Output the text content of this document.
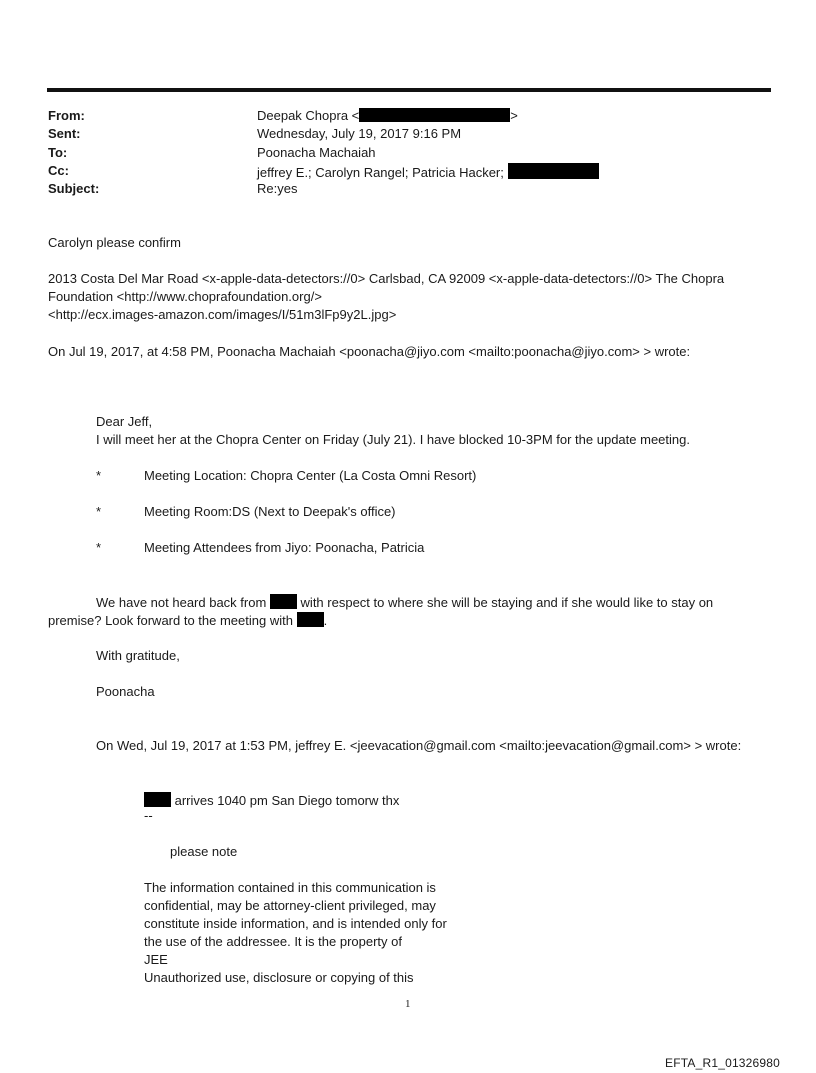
From:	Deepak Chopra <	>
Sent:	Wednesday, July 19, 2017 9:16 PM
To:	Poonacha Machaiah
Cc:	jeffrey E.; Carolyn Rangel; Patricia Hacker;
Subject:	Re:yes
Carolyn please confirm
2013 Costa Del Mar Road <x-apple-data-detectors://0> Carlsbad, CA 92009 <x-apple-data-detectors://0> The Chopra
Foundation <http://www.choprafoundation.org/>
<http://ecx.images-amazon.com/images/I/51m3lFp9y2L.jpg>
On Jul 19, 2017, at 4:58 PM, Poonacha Machaiah <poonacha@jiyo.com <mailto:poonacha@jiyo.com> > wrote:
Dear Jeff,
I will meet her at the Chopra Center on Friday (July 21). I have blocked 10-3PM for the update meeting.
*	Meeting Location: Chopra Center (La Costa Omni Resort)
*	Meeting Room:DS (Next to Deepak's office)
*	Meeting Attendees from Jiyo: Poonacha, Patricia
We have not heard back from	with respect to where she will be staying and if she would like to stay on
premise? Look forward to the meeting with .
With gratitude,
Poonacha
On Wed, Jul 19, 2017 at 1:53 PM, jeffrey E. <jeevacation@gmail.com <mailto:jeevacation@gmail.com> > wrote:
arrives 1040 pm San Diego tomorw thx
--
please note
The information contained in this communication is
confidential, may be attorney-client privileged, may
constitute inside information, and is intended only for
the use of the addressee. It is the property of
JEE
Unauthorized use, disclosure or copying of this
1
EFTA_R1_01326980
